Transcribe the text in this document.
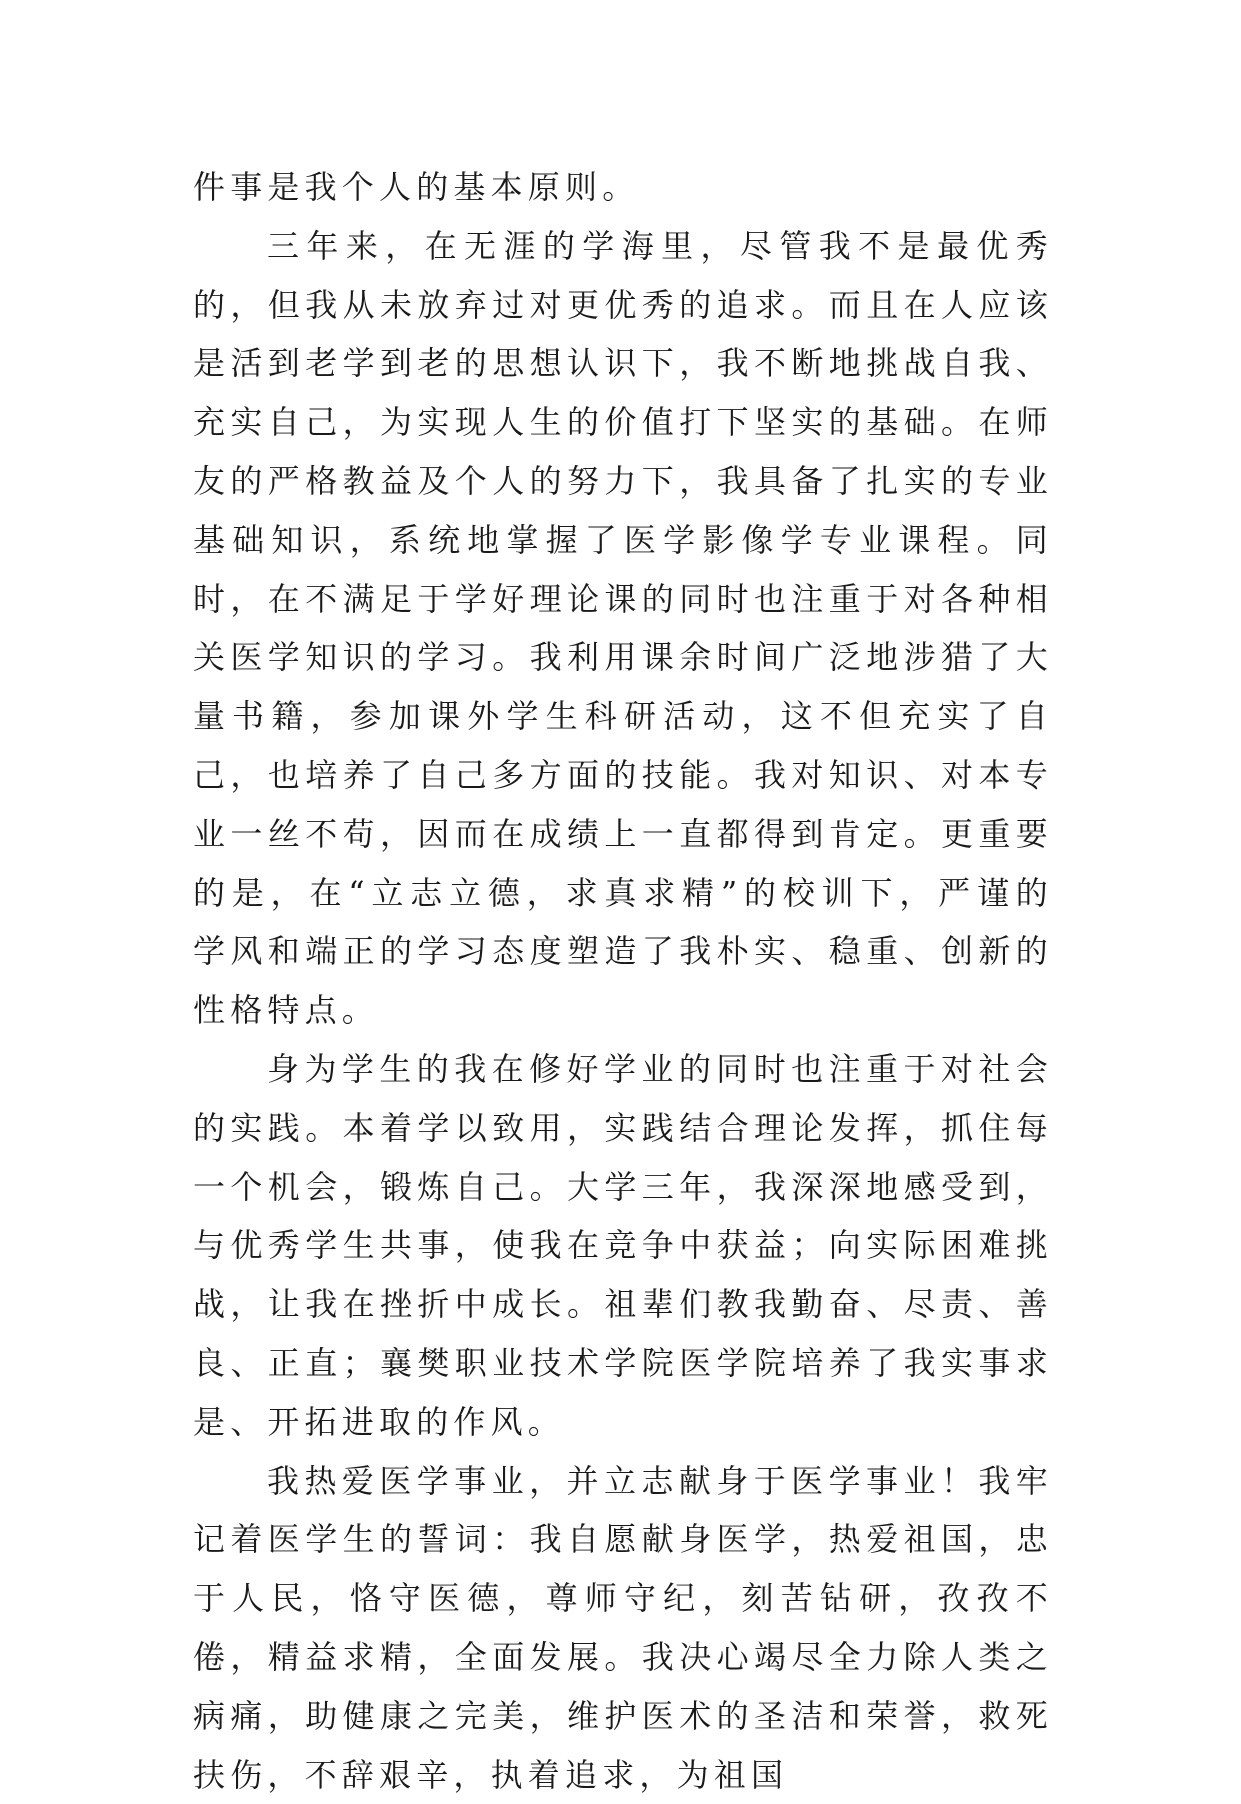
件事是我个人的基本原则。

三年来，在无涯的学海里，尽管我不是最优秀的，但我从未放弃过对更优秀的追求。而且在人应该是活到老学到老的思想认识下，我不断地挑战自我、充实自己，为实现人生的价值打下坚实的基础。在师友的严格教益及个人的努力下，我具备了扎实的专业基础知识，系统地掌握了医学影像学专业课程。同时，在不满足于学好理论课的同时也注重于对各种相关医学知识的学习。我利用课余时间广泛地涉猎了大量书籍，参加课外学生科研活动，这不但充实了自己，也培养了自己多方面的技能。我对知识、对本专业一丝不苟，因而在成绩上一直都得到肯定。更重要的是，在“立志立德，求真求精”的校训下，严谨的学风和端正的学习态度塑造了我朴实、稳重、创新的性格特点。

身为学生的我在修好学业的同时也注重于对社会的实践。本着学以致用，实践结合理论发挥，抓住每一个机会，锻炼自己。大学三年，我深深地感受到，与优秀学生共事，使我在竞争中获益；向实际困难挑战，让我在挫折中成长。祖辈们教我勤奋、尽责、善良、正直；襄樊职业技术学院医学院培养了我实事求是、开拓进取的作风。

我热爱医学事业，并立志献身于医学事业！我牢记着医学生的誓词：我自愿献身医学，热爱祖国，忠于人民，恪守医德，尊师守纪，刻苦钻研，孜孜不倦，精益求精，全面发展。我决心竭尽全力除人类之病痛，助健康之完美，维护医术的圣洁和荣誉，救死扶伤，不辞艰辛，执着追求，为祖国
